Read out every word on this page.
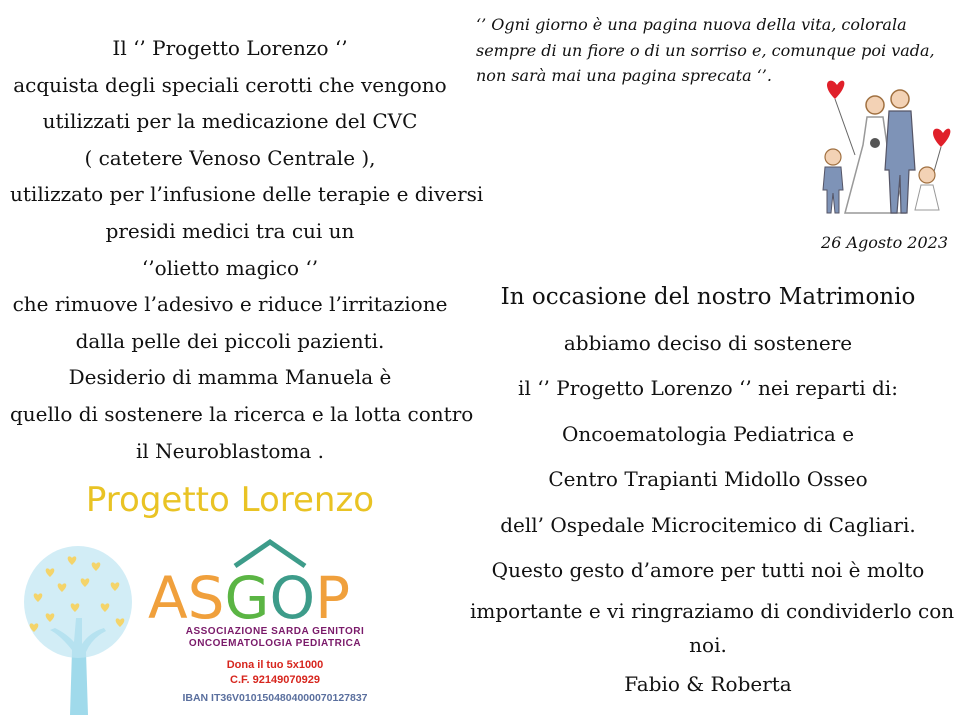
Il ‘’ Progetto Lorenzo ‘’
acquista degli speciali cerotti che vengono
utilizzati per la medicazione del CVC
( catetere Venoso Centrale ),
utilizzato per l’infusione delle terapie e diversi
presidi medici tra cui un
‘’olietto magico ‘’
che rimuove l’adesivo e riduce l’irritazione
dalla pelle dei piccoli pazienti.
Desiderio di mamma Manuela è
quello di sostenere la ricerca e la lotta contro
il Neuroblastoma .
Progetto Lorenzo
ASGOP
ASSOCIAZIONE SARDA GENITORI
ONCOEMATOLOGIA PEDIATRICA
Dona il tuo 5x1000
C.F. 92149070929
IBAN IT36V0101504804000070127837
‘’ Ogni giorno è una pagina nuova della vita, colorala
sempre di un fiore o di un sorriso e, comunque poi vada,
non sarà mai una pagina sprecata ‘’.
26 Agosto 2023
In occasione del nostro Matrimonio
abbiamo deciso di sostenere
il ‘’ Progetto Lorenzo ‘’ nei reparti di:
Oncoematologia Pediatrica e
Centro Trapianti Midollo Osseo
dell’ Ospedale Microcitemico di Cagliari.
Questo gesto d’amore per tutti noi è molto
importante e vi ringraziamo di condividerlo con
noi.
Fabio & Roberta
